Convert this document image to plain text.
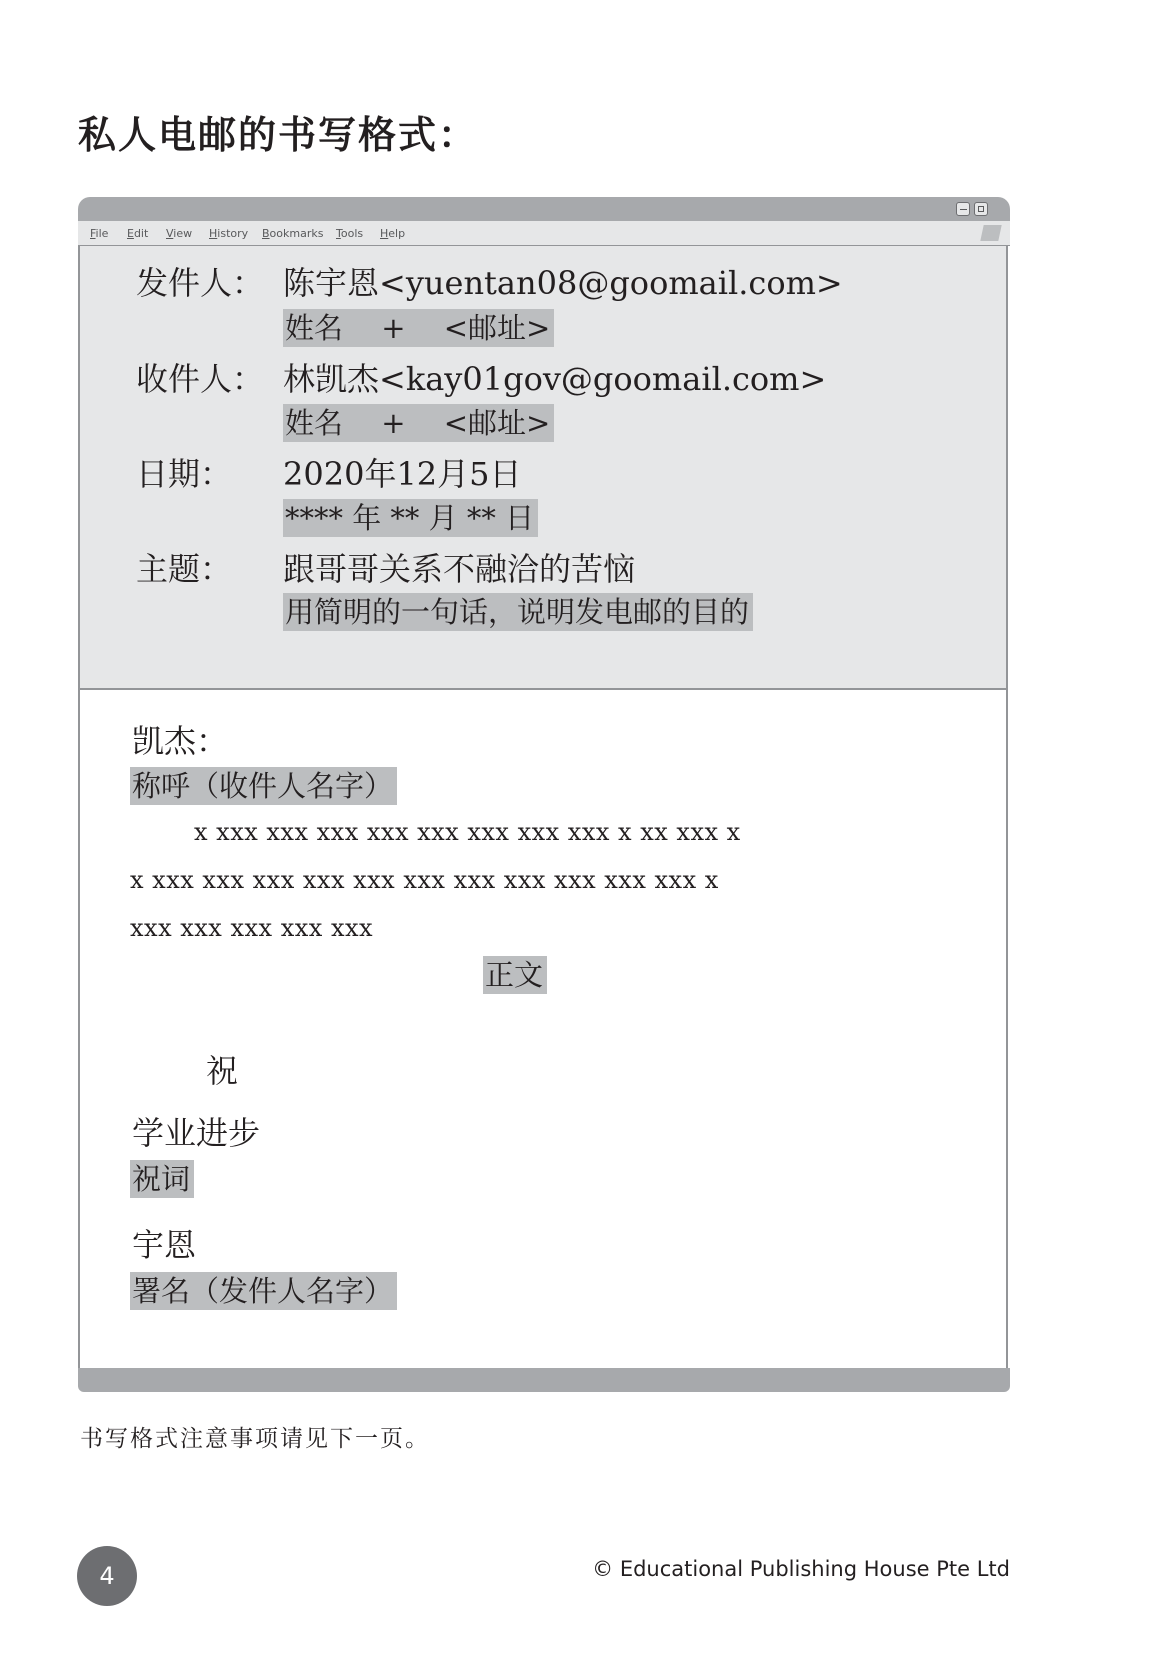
私人电邮的书写格式：
File Edit View History Bookmarks Tools Help
发件人： 陈宇恩<yuentan08@goomail.com>
姓名　 +　 <邮址>
收件人： 林凯杰<kay01gov@goomail.com>
姓名　 +　 <邮址>
日期： 2020年12月5日
**** 年 ** 月 ** 日
主题： 跟哥哥关系不融洽的苦恼
用简明的一句话，说明发电邮的目的
凯杰：
称呼（收件人名字）
x xxx xxx xxx xxx xxx xxx xxx xxx x xx xxx x
x xxx xxx xxx xxx xxx xxx xxx xxx xxx xxx xxx x
xxx xxx xxx xxx xxx
正文
祝
学业进步
祝词
宇恩
署名（发件人名字）
书写格式注意事项请见下一页。
4	© Educational Publishing House Pte Ltd
